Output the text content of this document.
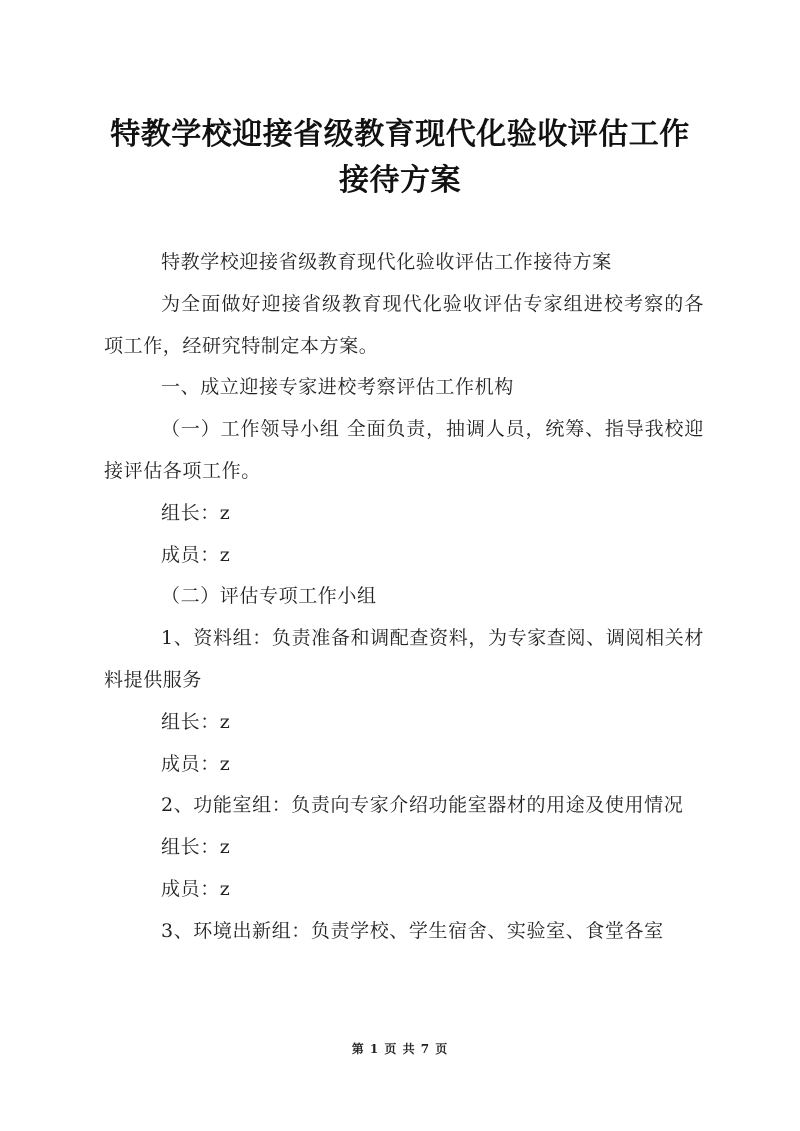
特教学校迎接省级教育现代化验收评估工作接待方案

特教学校迎接省级教育现代化验收评估工作接待方案

为全面做好迎接省级教育现代化验收评估专家组进校考察的各项工作，经研究特制定本方案。

一、成立迎接专家进校考察评估工作机构

（一）工作领导小组 全面负责，抽调人员，统筹、指导我校迎接评估各项工作。

组长：z

成员：z

（二）评估专项工作小组

1、资料组：负责准备和调配查资料，为专家查阅、调阅相关材料提供服务

组长：z

成员：z

2、功能室组：负责向专家介绍功能室器材的用途及使用情况

组长：z

成员：z

3、环境出新组：负责学校、学生宿舍、实验室、食堂各室

第 1 页 共 7 页
